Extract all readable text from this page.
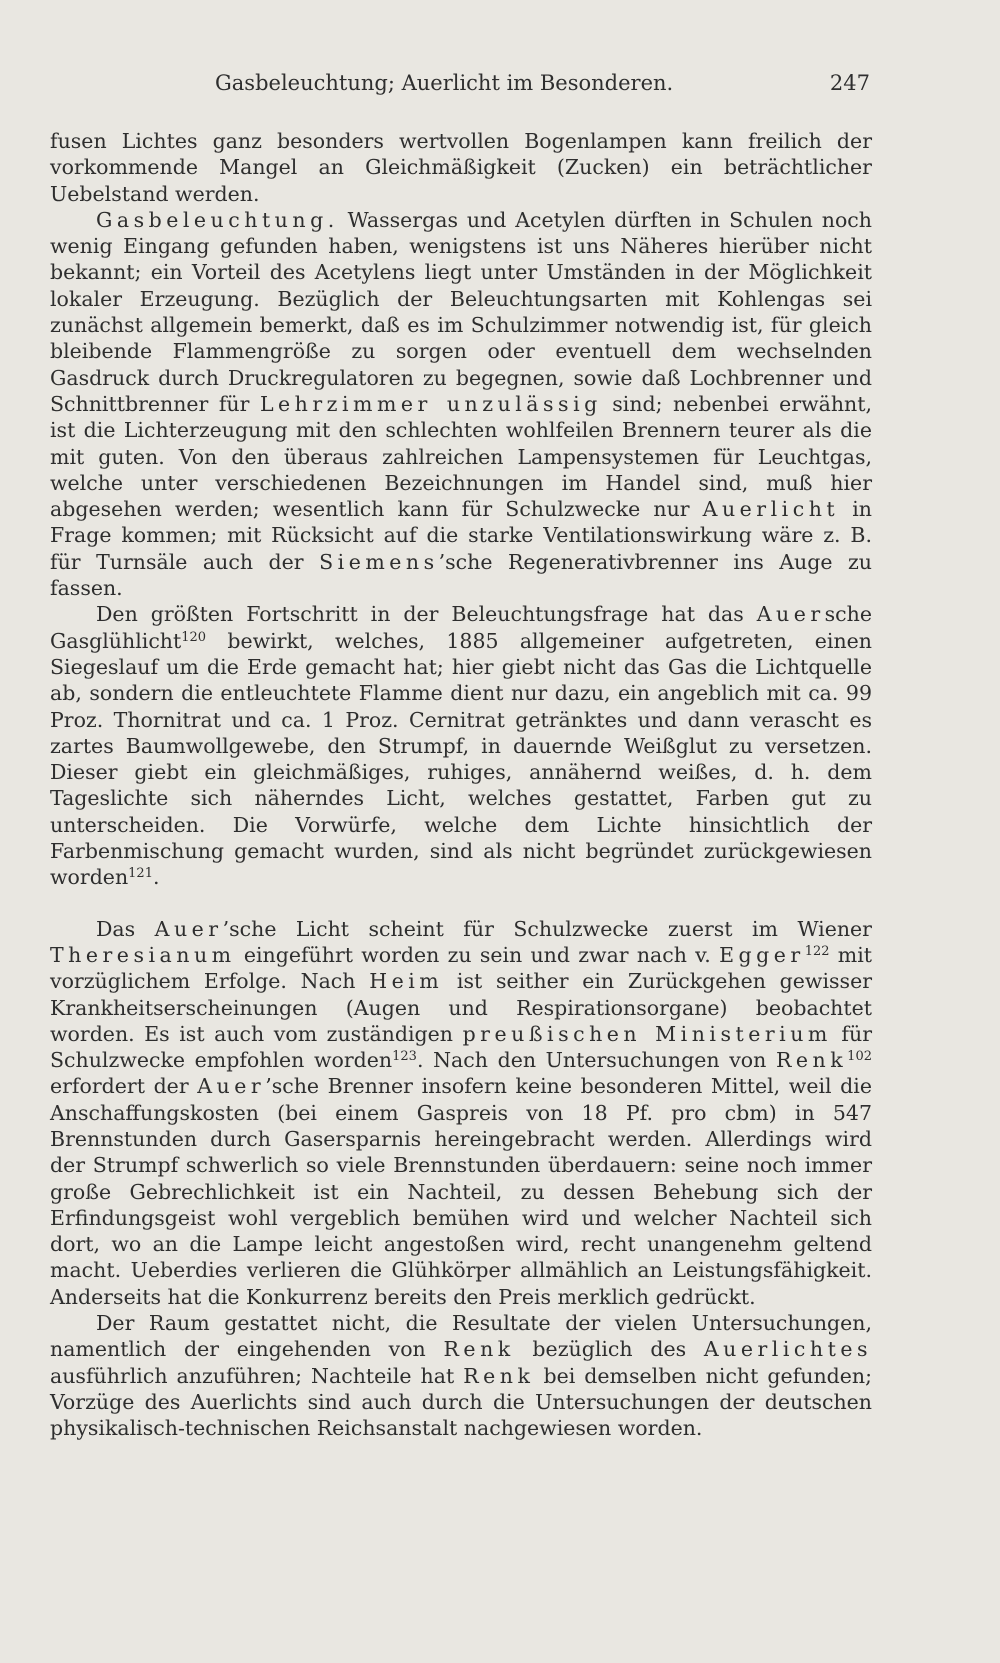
Gasbeleuchtung; Auerlicht im Besonderen.	247

fusen Lichtes ganz besonders wertvollen Bogenlampen kann freilich der vorkommende Mangel an Gleichmäßigkeit (Zucken) ein beträchtlicher Uebelstand werden.

Gasbeleuchtung. Wassergas und Acetylen dürften in Schulen noch wenig Eingang gefunden haben, wenigstens ist uns Näheres hierüber nicht bekannt; ein Vorteil des Acetylens liegt unter Umständen in der Möglichkeit lokaler Erzeugung. Bezüglich der Beleuchtungsarten mit Kohlengas sei zunächst allgemein bemerkt, daß es im Schulzimmer notwendig ist, für gleich bleibende Flammengröße zu sorgen oder eventuell dem wechselnden Gasdruck durch Druckregulatoren zu begegnen, sowie daß Lochbrenner und Schnittbrenner für Lehrzimmer unzulässig sind; nebenbei erwähnt, ist die Lichterzeugung mit den schlechten wohlfeilen Brennern teurer als die mit guten. Von den überaus zahlreichen Lampensystemen für Leuchtgas, welche unter verschiedenen Bezeichnungen im Handel sind, muß hier abgesehen werden; wesentlich kann für Schulzwecke nur Auerlicht in Frage kommen; mit Rücksicht auf die starke Ventilationswirkung wäre z. B. für Turnsäle auch der Siemens’sche Regenerativbrenner ins Auge zu fassen.

Den größten Fortschritt in der Beleuchtungsfrage hat das Auersche Gasglühlicht$^{120}$ bewirkt, welches, 1885 allgemeiner aufgetreten, einen Siegeslauf um die Erde gemacht hat; hier giebt nicht das Gas die Lichtquelle ab, sondern die entleuchtete Flamme dient nur dazu, ein angeblich mit ca. 99 Proz. Thornitrat und ca. 1 Proz. Cernitrat getränktes und dann verascht es zartes Baumwollgewebe, den Strumpf, in dauernde Weißglut zu versetzen. Dieser giebt ein gleichmäßiges, ruhiges, annähernd weißes, d. h. dem Tageslichte sich näherndes Licht, welches gestattet, Farben gut zu unterscheiden. Die Vorwürfe, welche dem Lichte hinsichtlich der Farbenmischung gemacht wurden, sind als nicht begründet zurückgewiesen worden$^{121}$.

Das Auer’sche Licht scheint für Schulzwecke zuerst im Wiener Theresianum eingeführt worden zu sein und zwar nach v. Egger$^{122}$ mit vorzüglichem Erfolge. Nach Heim ist seither ein Zurückgehen gewisser Krankheitserscheinungen (Augen und Respirationsorgane) beobachtet worden. Es ist auch vom zuständigen preußischen Ministerium für Schulzwecke empfohlen worden$^{123}$. Nach den Untersuchungen von Renk$^{102}$ erfordert der Auer’sche Brenner insofern keine besonderen Mittel, weil die Anschaffungskosten (bei einem Gaspreis von 18 Pf. pro cbm) in 547 Brennstunden durch Gasersparnis hereingebracht werden. Allerdings wird der Strumpf schwerlich so viele Brennstunden überdauern: seine noch immer große Gebrechlichkeit ist ein Nachteil, zu dessen Behebung sich der Erfindungsgeist wohl vergeblich bemühen wird und welcher Nachteil sich dort, wo an die Lampe leicht angestoßen wird, recht unangenehm geltend macht. Ueberdies verlieren die Glühkörper allmählich an Leistungsfähigkeit. Anderseits hat die Konkurrenz bereits den Preis merklich gedrückt.

Der Raum gestattet nicht, die Resultate der vielen Untersuchungen, namentlich der eingehenden von Renk bezüglich des Auerlichtes ausführlich anzuführen; Nachteile hat Renk bei demselben nicht gefunden; Vorzüge des Auerlichts sind auch durch die Untersuchungen der deutschen physikalisch-technischen Reichsanstalt nachgewiesen worden.
